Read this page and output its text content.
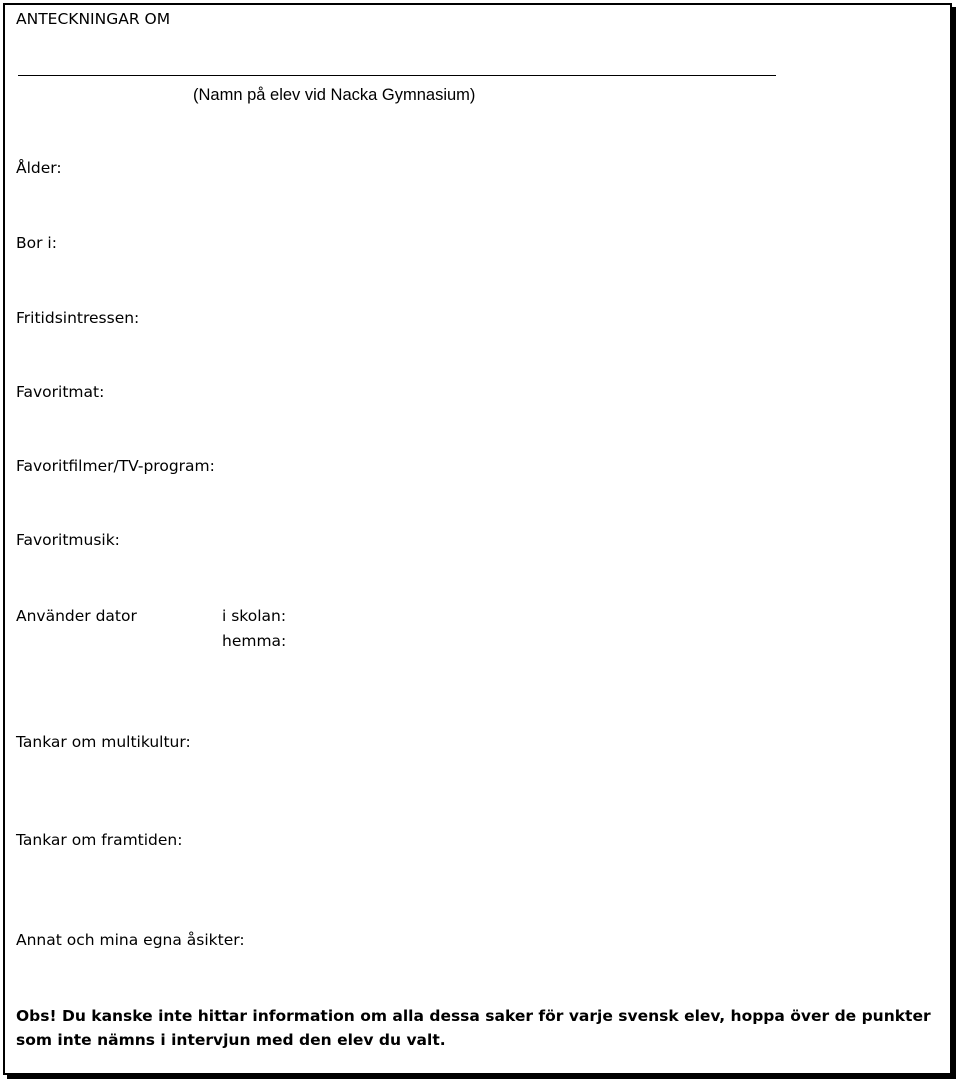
ANTECKNINGAR OM
(Namn på elev vid Nacka Gymnasium)
Ålder:
Bor i:
Fritidsintressen:
Favoritmat:
Favoritfilmer/TV-program:
Favoritmusik:
Använder dator	i skolan:
hemma:
Tankar om multikultur:
Tankar om framtiden:
Annat och mina egna åsikter:
Obs! Du kanske inte hittar information om alla dessa saker för varje svensk elev, hoppa över de punkter som inte nämns i intervjun med den elev du valt.
